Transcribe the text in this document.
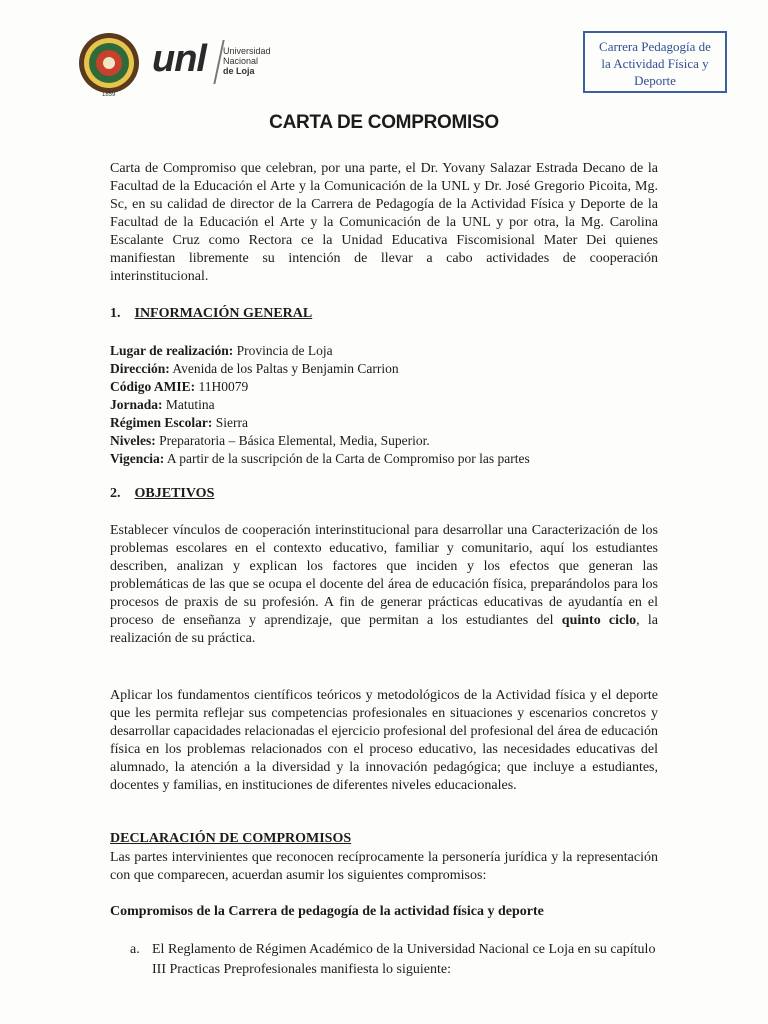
1859
unl Universidad
Nacional
de Loja
Carrera Pedagogía de
la Actividad Física y
Deporte
CARTA DE COMPROMISO

Carta de Compromiso que celebran, por una parte, el Dr. Yovany Salazar Estrada Decano de la Facultad de la Educación el Arte y la Comunicación de la UNL y Dr. José Gregorio Picoita, Mg. Sc, en su calidad de director de la Carrera de Pedagogía de la Actividad Física y Deporte de la Facultad de la Educación el Arte y la Comunicación de la UNL y por otra, la Mg. Carolina Escalante Cruz como Rectora ce la Unidad Educativa Fiscomisional Mater Dei quienes manifiestan libremente su intención de llevar a cabo actividades de cooperación interinstitucional.

1. INFORMACIÓN GENERAL
Lugar de realización: Provincia de Loja
Dirección: Avenida de los Paltas y Benjamin Carrion
Código AMIE: 11H0079
Jornada: Matutina
Régimen Escolar: Sierra
Niveles: Preparatoria – Básica Elemental, Media, Superior.
Vigencia: A partir de la suscripción de la Carta de Compromiso por las partes
2. OBJETIVOS

Establecer vínculos de cooperación interinstitucional para desarrollar una Caracterización de los problemas escolares en el contexto educativo, familiar y comunitario, aquí los estudiantes describen, analizan y explican los factores que inciden y los efectos que generan las problemáticas de las que se ocupa el docente del área de educación física, preparándolos para los procesos de praxis de su profesión. A fin de generar prácticas educativas de ayudantía en el proceso de enseñanza y aprendizaje, que permitan a los estudiantes del quinto ciclo, la realización de su práctica.

Aplicar los fundamentos científicos teóricos y metodológicos de la Actividad física y el deporte que les permita reflejar sus competencias profesionales en situaciones y escenarios concretos y desarrollar capacidades relacionadas el ejercicio profesional del profesional del área de educación física en los problemas relacionados con el proceso educativo, las necesidades educativas del alumnado, la atención a la diversidad y la innovación pedagógica; que incluye a estudiantes, docentes y familias, en instituciones de diferentes niveles educacionales.

DECLARACIÓN DE COMPROMISOS

Las partes intervinientes que reconocen recíprocamente la personería jurídica y la representación con que comparecen, acuerdan asumir los siguientes compromisos:

Compromisos de la Carrera de pedagogía de la actividad física y deporte
a. El Reglamento de Régimen Académico de la Universidad Nacional ce Loja en su capítulo III Practicas Preprofesionales manifiesta lo siguiente:
